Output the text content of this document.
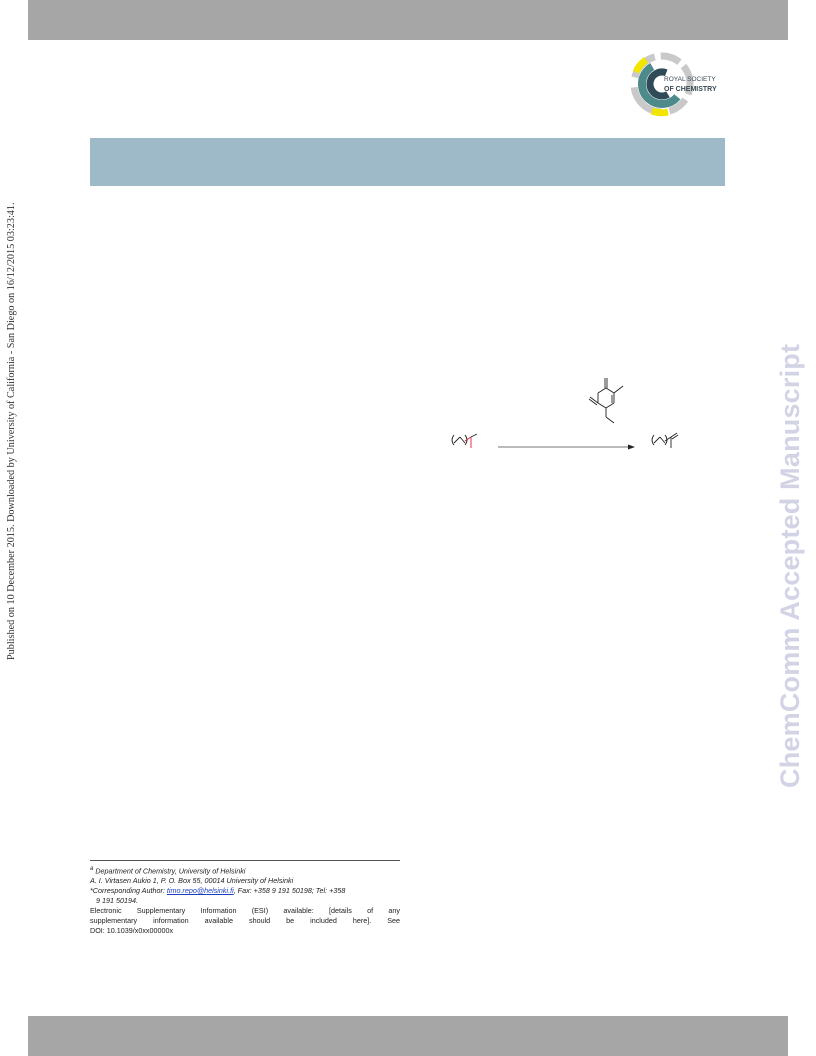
ROYAL SOCIETY
OF CHEMISTRY
Published on 10 December 2015. Downloaded by University of California - San Diego on 16/12/2015 03:23:41.	ChemComm Accepted Manuscript
$^a$ Department of Chemistry, University of Helsinki
A. I. Virtasen Aukio 1, P. O. Box 55, 00014 University of Helsinki
*Corresponding Author: timo.repo@helsinki.fi, Fax: +358 9 191 50198; Tel: +358
9 191 50194.
Electronic Supplementary Information (ESI) available: [details of any
supplementary information available should be included here]. See
DOI: 10.1039/x0xx00000x
